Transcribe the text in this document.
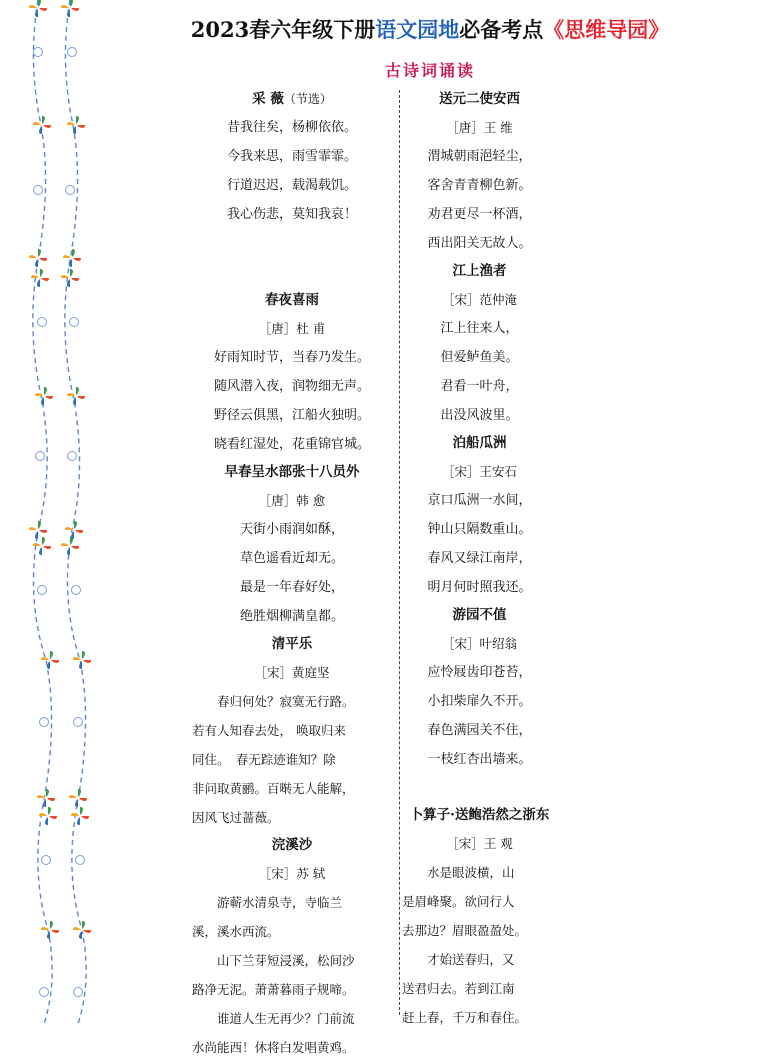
2023春六年级下册语文园地必备考点《思维导园》
古诗词诵读
采 薇（节选）
昔我往矣，杨柳依依。
今我来思，雨雪霏霏。
行道迟迟，载渴载饥。
我心伤悲，莫知我哀！
春夜喜雨
［唐］杜 甫
好雨知时节，当春乃发生。
随风潜入夜，润物细无声。
野径云俱黑，江船火独明。
晓看红湿处，花重锦官城。
早春呈水部张十八员外
［唐］韩 愈
天街小雨润如酥，
草色遥看近却无。
最是一年春好处，
绝胜烟柳满皇都。
清平乐
［宋］黄庭坚
　　春归何处？寂寞无行路。
若有人知春去处， 唤取归来
同住。　春无踪迹谁知？除
非问取黄鹂。百啭无人能解，
因风飞过蔷薇。
浣溪沙
［宋］苏 轼
　　游蕲水清泉寺，寺临兰
溪，溪水西流。
　　山下兰芽短浸溪，松间沙
路净无泥。萧萧暮雨子规啼。
　　谁道人生无再少？门前流
水尚能西！休将白发唱黄鸡。
送元二使安西
［唐］王 维
渭城朝雨浥轻尘，
客舍青青柳色新。
劝君更尽一杯酒，
西出阳关无故人。
江上渔者
［宋］范仲淹
江上往来人，
但爱鲈鱼美。
君看一叶舟，
出没风波里。
泊船瓜洲
［宋］王安石
京口瓜洲一水间，
钟山只隔数重山。
春风又绿江南岸，
明月何时照我还。
游园不值
［宋］叶绍翁
应怜屐齿印苍苔，
小扣柴扉久不开。
春色满园关不住，
一枝红杏出墙来。
卜算子·送鲍浩然之浙东
［宋］王 观
　　水是眼波横，山
是眉峰聚。欲问行人
去那边？眉眼盈盈处。
　　才始送春归，又
送君归去。若到江南
赶上春，千万和春住。
